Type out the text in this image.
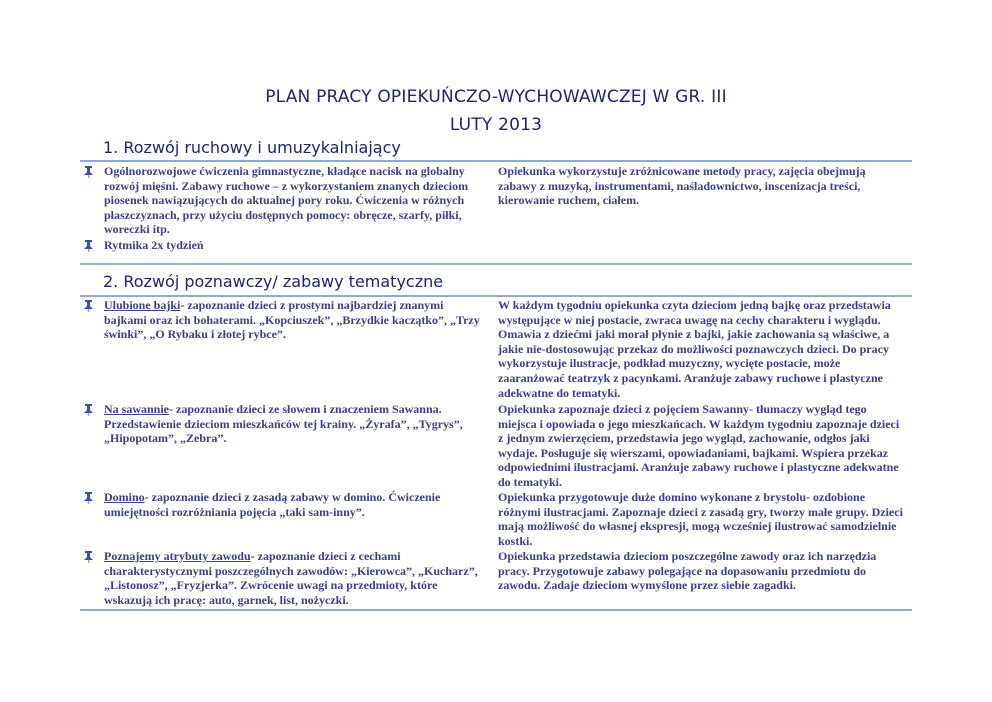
PLAN PRACY OPIEKUŃCZO-WYCHOWAWCZEJ W GR. III
LUTY 2013
1. Rozwój ruchowy i umuzykalniający

Ogólnorozwojowe ćwiczenia gimnastyczne, kładące nacisk na globalny rozwój mięśni. Zabawy ruchowe – z wykorzystaniem znanych dzieciom piosenek nawiązujących do aktualnej pory roku. Ćwiczenia w różnych płaszczyznach, przy użyciu dostępnych pomocy: obręcze, szarfy, piłki, woreczki itp.

Rytmika 2x tydzień

Opiekunka wykorzystuje zróżnicowane metody pracy, zajęcia obejmują zabawy z muzyką, instrumentami, naśladownictwo, inscenizacja treści, kierowanie ruchem, ciałem.

2. Rozwój poznawczy/ zabawy tematyczne

Ulubione bajki- zapoznanie dzieci z prostymi najbardziej znanymi bajkami oraz ich bohaterami. „Kopciuszek”, „Brzydkie kaczątko”, „Trzy świnki”, „O Rybaku i złotej rybce”.

W każdym tygodniu opiekunka czyta dzieciom jedną bajkę oraz przedstawia występujące w niej postacie, zwraca uwagę na cechy charakteru i wyglądu. Omawia z dziećmi jaki morał płynie z bajki, jakie zachowania są właściwe, a jakie nie-dostosowując przekaz do możliwości poznawczych dzieci. Do pracy wykorzystuje ilustracje, podkład muzyczny, wycięte postacie, może zaaranżować teatrzyk z pacynkami. Aranżuje zabawy ruchowe i plastyczne adekwatne do tematyki.

Na sawannie- zapoznanie dzieci ze słowem i znaczeniem Sawanna. Przedstawienie dzieciom mieszkańców tej krainy. „Żyrafa”, „Tygrys”, „Hipopotam”, „Zebra”.

Opiekunka zapoznaje dzieci z pojęciem Sawanny- tłumaczy wygląd tego miejsca i opowiada o jego mieszkańcach. W każdym tygodniu zapoznaje dzieci z jednym zwierzęciem, przedstawia jego wygląd, zachowanie, odgłos jaki wydaje. Posługuje się wierszami, opowiadaniami, bajkami. Wspiera przekaz odpowiednimi ilustracjami. Aranżuje zabawy ruchowe i plastyczne adekwatne do tematyki.

Domino- zapoznanie dzieci z zasadą zabawy w domino. Ćwiczenie umiejętności rozróżniania pojęcia „taki sam-inny”.

Opiekunka przygotowuje duże domino wykonane z brystolu- ozdobione różnymi ilustracjami. Zapoznaje dzieci z zasadą gry, tworzy małe grupy. Dzieci mają możliwość do własnej ekspresji, mogą wcześniej ilustrować samodzielnie kostki.

Poznajemy atrybuty zawodu- zapoznanie dzieci z cechami charakterystycznymi poszczególnych zawodów: „Kierowca”, „Kucharz”, „Listonosz”, „Fryzjerka”. Zwrócenie uwagi na przedmioty, które wskazują ich pracę: auto, garnek, list, nożyczki.

Opiekunka przedstawia dzieciom poszczególne zawody oraz ich narzędzia pracy. Przygotowuje zabawy polegające na dopasowaniu przedmiotu do zawodu. Zadaje dzieciom wymyślone przez siebie zagadki.
